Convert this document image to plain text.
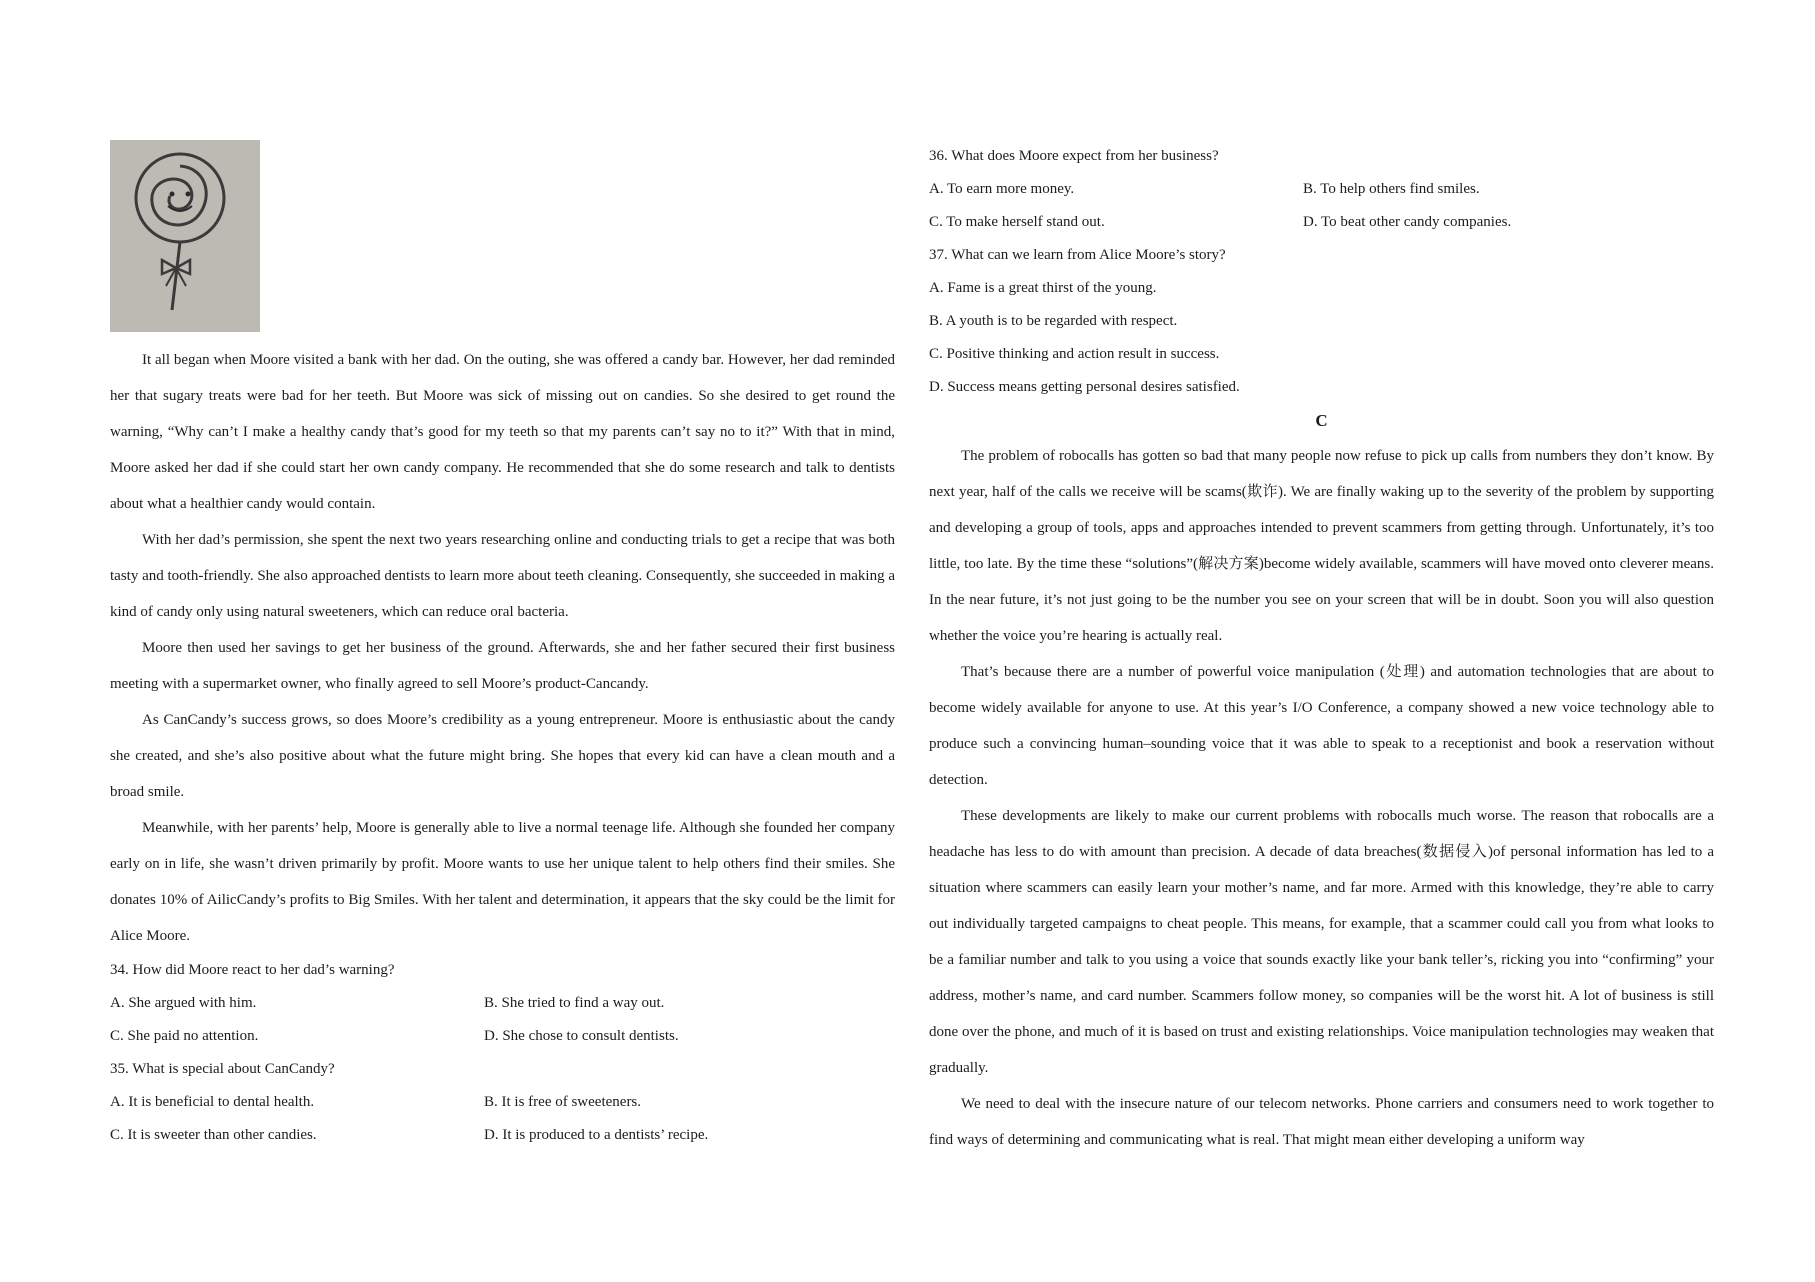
It all began when Moore visited a bank with her dad. On the outing, she was offered a candy bar. However, her dad reminded her that sugary treats were bad for her teeth. But Moore was sick of missing out on candies. So she desired to get round the warning, “Why can’t I make a healthy candy that’s good for my teeth so that my parents can’t say no to it?” With that in mind, Moore asked her dad if she could start her own candy company. He recommended that she do some research and talk to dentists about what a healthier candy would contain.

With her dad’s permission, she spent the next two years researching online and conducting trials to get a recipe that was both tasty and tooth-friendly. She also approached dentists to learn more about teeth cleaning. Consequently, she succeeded in making a kind of candy only using natural sweeteners, which can reduce oral bacteria.

Moore then used her savings to get her business of the ground. Afterwards, she and her father secured their first business meeting with a supermarket owner, who finally agreed to sell Moore’s product-Cancandy.

As CanCandy’s success grows, so does Moore’s credibility as a young entrepreneur. Moore is enthusiastic about the candy she created, and she’s also positive about what the future might bring. She hopes that every kid can have a clean mouth and a broad smile.

Meanwhile, with her parents’ help, Moore is generally able to live a normal teenage life. Although she founded her company early on in life, she wasn’t driven primarily by profit. Moore wants to use her unique talent to help others find their smiles. She donates 10% of AilicCandy’s profits to Big Smiles. With her talent and determination, it appears that the sky could be the limit for Alice Moore.

34. How did Moore react to her dad’s warning?

A. She argued with him.	B. She tried to find a way out.
C. She paid no attention.	D. She chose to consult dentists.

35. What is special about CanCandy?

A. It is beneficial to dental health.	B. It is free of sweeteners.
C. It is sweeter than other candies.	D. It is produced to a dentists’ recipe.

36. What does Moore expect from her business?

A. To earn more money.	B. To help others find smiles.
C. To make herself stand out.	D. To beat other candy companies.

37. What can we learn from Alice Moore’s story?

A. Fame is a great thirst of the young.
B. A youth is to be regarded with respect.
C. Positive thinking and action result in success.
D. Success means getting personal desires satisfied.

C

The problem of robocalls has gotten so bad that many people now refuse to pick up calls from numbers they don’t know. By next year, half of the calls we receive will be scams(欺诈). We are finally waking up to the severity of the problem by supporting and developing a group of tools, apps and approaches intended to prevent scammers from getting through. Unfortunately, it’s too little, too late. By the time these “solutions”(解决方案)become widely available, scammers will have moved onto cleverer means. In the near future, it’s not just going to be the number you see on your screen that will be in doubt. Soon you will also question whether the voice you’re hearing is actually real.

That’s because there are a number of powerful voice manipulation (处理) and automation technologies that are about to become widely available for anyone to use. At this year’s I/O Conference, a company showed a new voice technology able to produce such a convincing human–sounding voice that it was able to speak to a receptionist and book a reservation without detection.

These developments are likely to make our current problems with robocalls much worse. The reason that robocalls are a headache has less to do with amount than precision. A decade of data breaches(数据侵入)of personal information has led to a situation where scammers can easily learn your mother’s name, and far more. Armed with this knowledge, they’re able to carry out individually targeted campaigns to cheat people. This means, for example, that a scammer could call you from what looks to be a familiar number and talk to you using a voice that sounds exactly like your bank teller’s, ricking you into “confirming” your address, mother’s name, and card number. Scammers follow money, so companies will be the worst hit. A lot of business is still done over the phone, and much of it is based on trust and existing relationships. Voice manipulation technologies may weaken that gradually.

We need to deal with the insecure nature of our telecom networks. Phone carriers and consumers need to work together to find ways of determining and communicating what is real. That might mean either developing a uniform way
